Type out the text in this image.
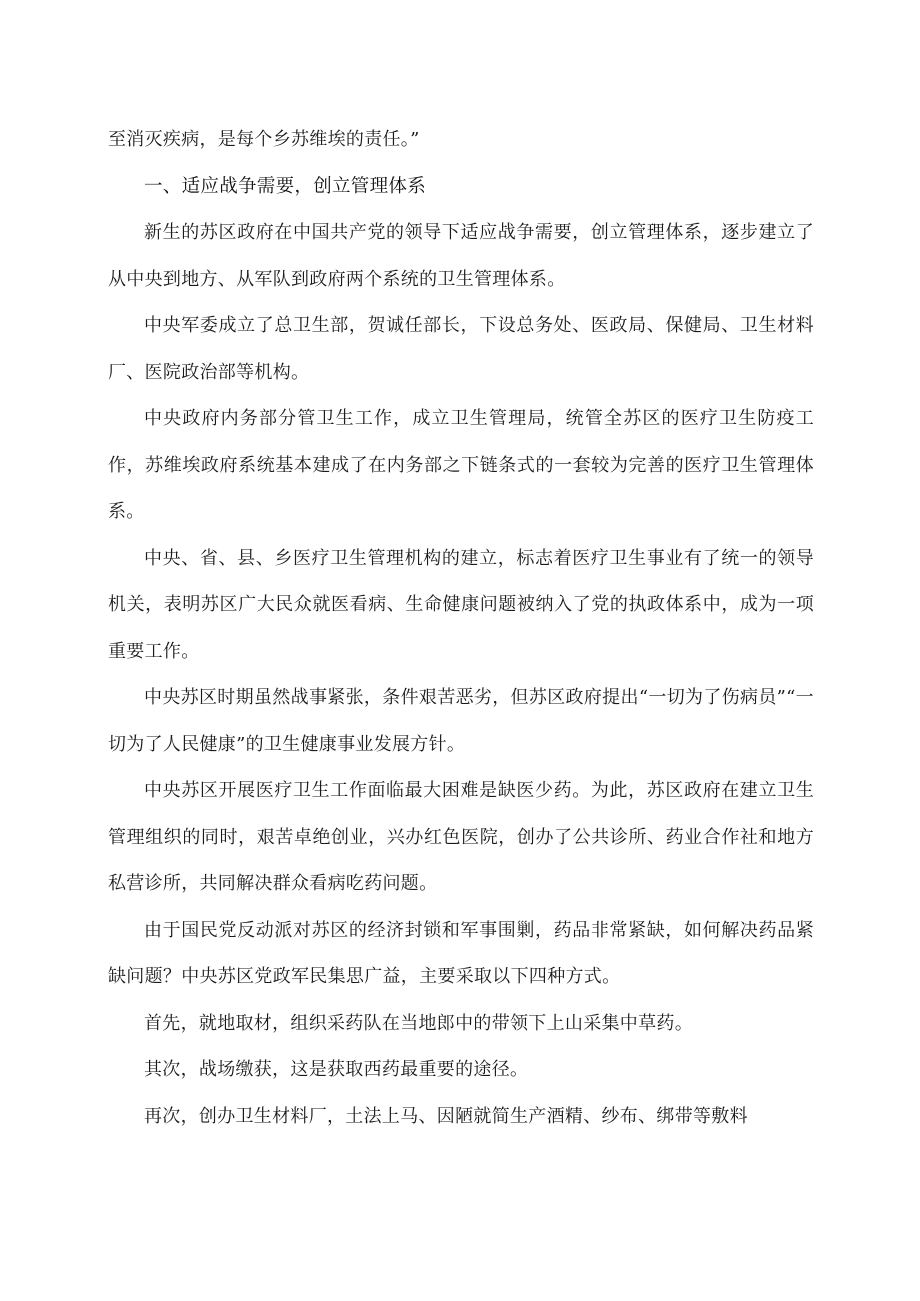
至消灭疾病，是每个乡苏维埃的责任。”

一、适应战争需要，创立管理体系

新生的苏区政府在中国共产党的领导下适应战争需要，创立管理体系，逐步建立了从中央到地方、从军队到政府两个系统的卫生管理体系。

中央军委成立了总卫生部，贺诚任部长，下设总务处、医政局、保健局、卫生材料厂、医院政治部等机构。

中央政府内务部分管卫生工作，成立卫生管理局，统管全苏区的医疗卫生防疫工作，苏维埃政府系统基本建成了在内务部之下链条式的一套较为完善的医疗卫生管理体系。

中央、省、县、乡医疗卫生管理机构的建立，标志着医疗卫生事业有了统一的领导机关，表明苏区广大民众就医看病、生命健康问题被纳入了党的执政体系中，成为一项重要工作。

中央苏区时期虽然战事紧张，条件艰苦恶劣，但苏区政府提出“一切为了伤病员”“一切为了人民健康”的卫生健康事业发展方针。

中央苏区开展医疗卫生工作面临最大困难是缺医少药。为此，苏区政府在建立卫生管理组织的同时，艰苦卓绝创业，兴办红色医院，创办了公共诊所、药业合作社和地方私营诊所，共同解决群众看病吃药问题。

由于国民党反动派对苏区的经济封锁和军事围剿，药品非常紧缺，如何解决药品紧缺问题？中央苏区党政军民集思广益，主要采取以下四种方式。

首先，就地取材，组织采药队在当地郎中的带领下上山采集中草药。

其次，战场缴获，这是获取西药最重要的途径。

再次，创办卫生材料厂，土法上马、因陋就简生产酒精、纱布、绑带等敷料
